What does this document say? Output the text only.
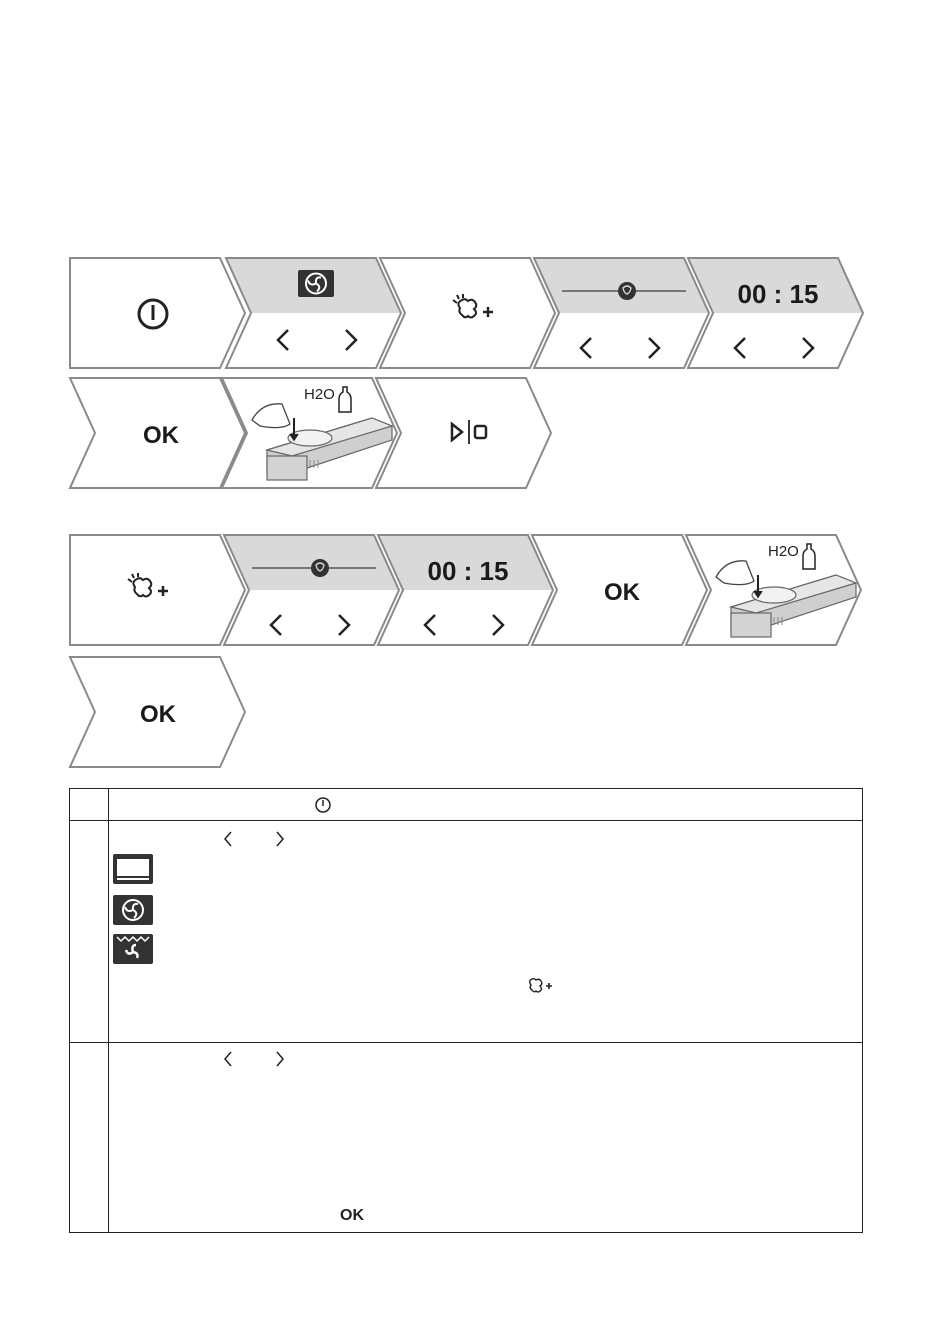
00 : 15
OK
H2O
00 : 15
OK
H2O
OK
OK
